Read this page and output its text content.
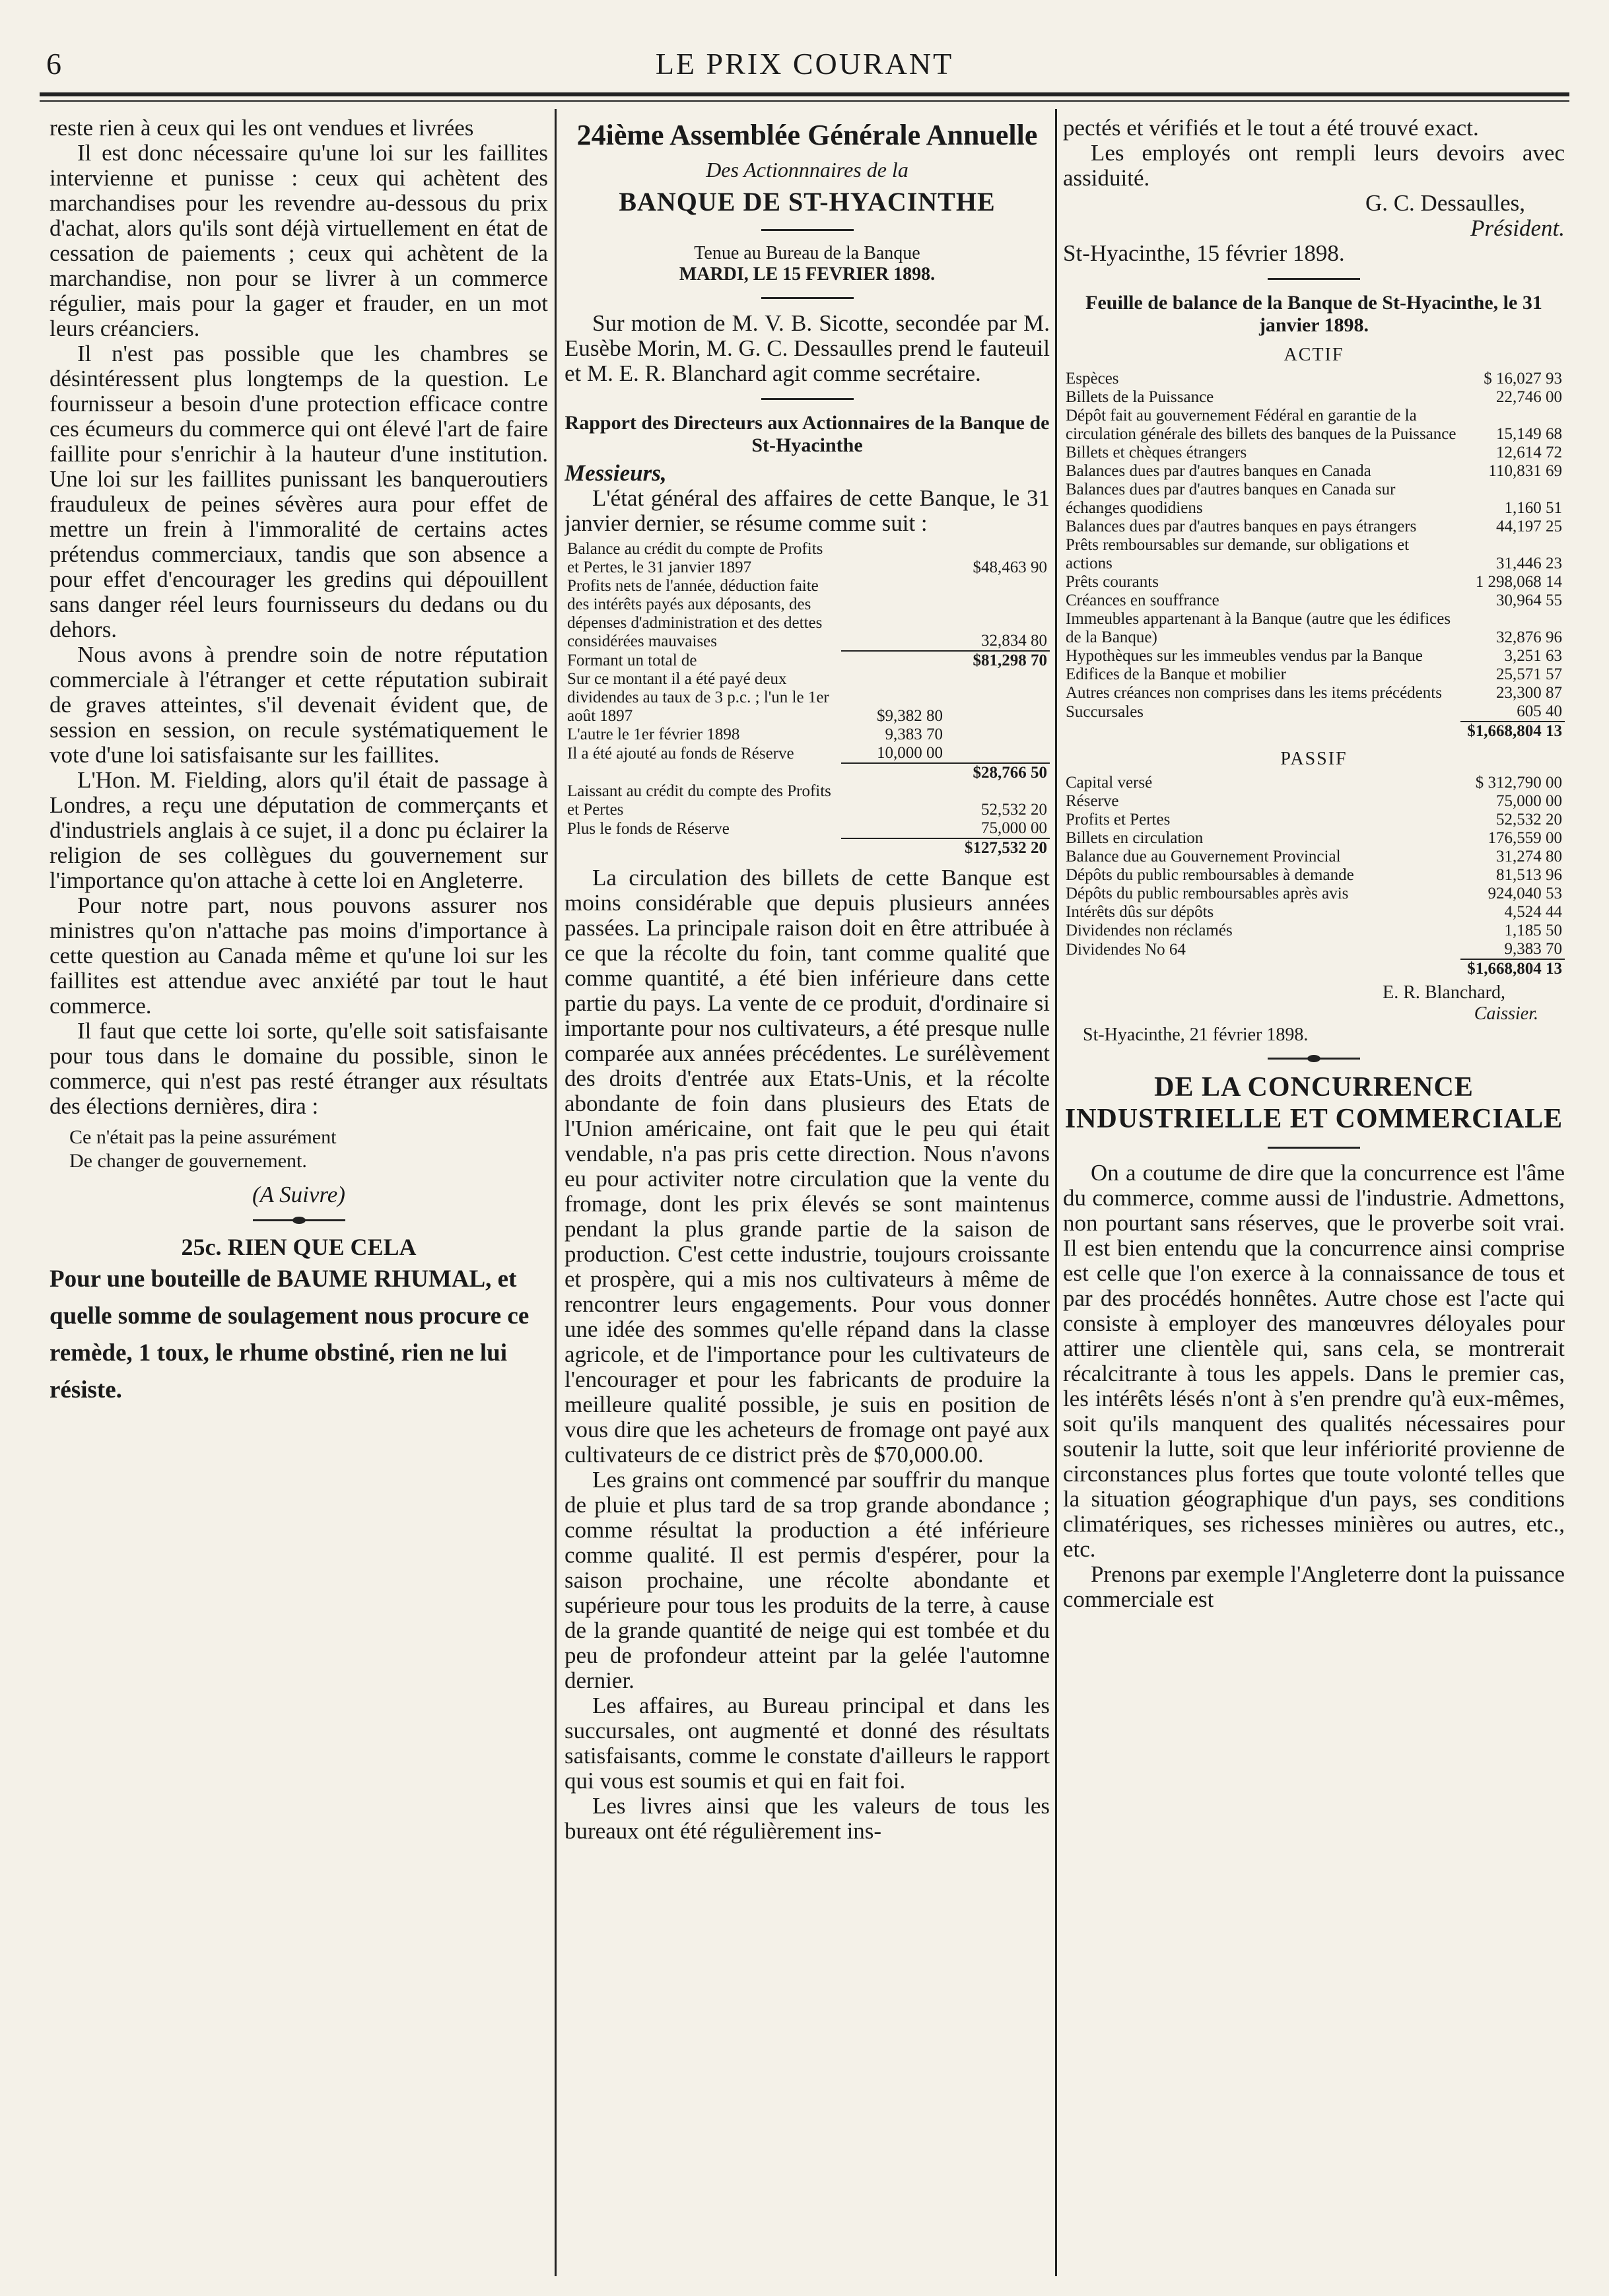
6	LE PRIX COURANT

reste rien à ceux qui les ont vendues et livrées

Il est donc nécessaire qu'une loi sur les faillites intervienne et punisse : ceux qui achètent des marchandises pour les revendre au-dessous du prix d'achat, alors qu'ils sont déjà virtuellement en état de cessation de paiements ; ceux qui achètent de la marchandise, non pour se livrer à un commerce régulier, mais pour la gager et frauder, en un mot leurs créanciers.

Il n'est pas possible que les chambres se désintéressent plus longtemps de la question. Le fournisseur a besoin d'une protection efficace contre ces écumeurs du commerce qui ont élevé l'art de faire faillite pour s'enrichir à la hauteur d'une institution. Une loi sur les faillites punissant les banqueroutiers frauduleux de peines sévères aura pour effet de mettre un frein à l'immoralité de certains actes prétendus commerciaux, tandis que son absence a pour effet d'encourager les gredins qui dépouillent sans danger réel leurs fournisseurs du dedans ou du dehors.

Nous avons à prendre soin de notre réputation commerciale à l'étranger et cette réputation subirait de graves atteintes, s'il devenait évident que, de session en session, on recule systématiquement le vote d'une loi satisfaisante sur les faillites.

L'Hon. M. Fielding, alors qu'il était de passage à Londres, a reçu une députation de commerçants et d'industriels anglais à ce sujet, il a donc pu éclairer la religion de ses collègues du gouvernement sur l'importance qu'on attache à cette loi en Angleterre.

Pour notre part, nous pouvons assurer nos ministres qu'on n'attache pas moins d'importance à cette question au Canada même et qu'une loi sur les faillites est attendue avec anxiété par tout le haut commerce.

Il faut que cette loi sorte, qu'elle soit satisfaisante pour tous dans le domaine du possible, sinon le commerce, qui n'est pas resté étranger aux résultats des élections dernières, dira :

Ce n'était pas la peine assurément
De changer de gouvernement.

(A Suivre)

25c. RIEN QUE CELA
Pour une bouteille de BAUME RHUMAL, et quelle somme de soulagement nous procure ce remède, 1 toux, le rhume obstiné, rien ne lui résiste.
24ième Assemblée Générale Annuelle
Des Actionnnaires de la
BANQUE DE ST-HYACINTHE

Tenue au Bureau de la Banque

MARDI, LE 15 FEVRIER 1898.

Sur motion de M. V. B. Sicotte, secondée par M. Eusèbe Morin, M. G. C. Dessaulles prend le fauteuil et M. E. R. Blanchard agit comme secrétaire.

Rapport des Directeurs aux Actionnaires de la Banque de St-Hyacinthe

Messieurs,

L'état général des affaires de cette Banque, le 31 janvier dernier, se résume comme suit :

Balance au crédit du compte de Profits et Pertes, le 31 janvier 1897		$48,463 90
Profits nets de l'année, déduction faite des intérêts payés aux déposants, des dépenses d'administration et des dettes considérées mauvaises		32,834 80
Formant un total de		$81,298 70
Sur ce montant il a été payé deux dividendes au taux de 3 p.c. ; l'un le 1er août 1897	$9,382 80	
L'autre le 1er février 1898	9,383 70	
Il a été ajouté au fonds de Réserve	10,000 00	
		$28,766 50
Laissant au crédit du compte des Profits et Pertes		52,532 20
Plus le fonds de Réserve		75,000 00
		$127,532 20

La circulation des billets de cette Banque est moins considérable que depuis plusieurs années passées. La principale raison doit en être attribuée à ce que la récolte du foin, tant comme qualité que comme quantité, a été bien inférieure dans cette partie du pays. La vente de ce produit, d'ordinaire si importante pour nos cultivateurs, a été presque nulle comparée aux années précédentes. Le surélèvement des droits d'entrée aux Etats-Unis, et la récolte abondante de foin dans plusieurs des Etats de l'Union américaine, ont fait que le peu qui était vendable, n'a pas pris cette direction. Nous n'avons eu pour activiter notre circulation que la vente du fromage, dont les prix élevés se sont maintenus pendant la plus grande partie de la saison de production. C'est cette industrie, toujours croissante et prospère, qui a mis nos cultivateurs à même de rencontrer leurs engagements. Pour vous donner une idée des sommes qu'elle répand dans la classe agricole, et de l'importance pour les cultivateurs de l'encourager et pour les fabricants de produire la meilleure qualité possible, je suis en position de vous dire que les acheteurs de fromage ont payé aux cultivateurs de ce district près de $70,000.00.

Les grains ont commencé par souffrir du manque de pluie et plus tard de sa trop grande abondance ; comme résultat la production a été inférieure comme qualité. Il est permis d'espérer, pour la saison prochaine, une récolte abondante et supérieure pour tous les produits de la terre, à cause de la grande quantité de neige qui est tombée et du peu de profondeur atteint par la gelée l'automne dernier.

Les affaires, au Bureau principal et dans les succursales, ont augmenté et donné des résultats satisfaisants, comme le constate d'ailleurs le rapport qui vous est soumis et qui en fait foi.

Les livres ainsi que les valeurs de tous les bureaux ont été régulièrement ins-

pectés et vérifiés et le tout a été trouvé exact.

Les employés ont rempli leurs devoirs avec assiduité.

G. C. Dessaulles,

Président.

St-Hyacinthe, 15 février 1898.

Feuille de balance de la Banque de St-Hyacinthe, le 31 janvier 1898.
ACTIF
Espèces	$ 16,027 93
Billets de la Puissance	22,746 00
Dépôt fait au gouvernement Fédéral en garantie de la circulation générale des billets des banques de la Puissance	15,149 68
Billets et chèques étrangers	12,614 72
Balances dues par d'autres banques en Canada	110,831 69
Balances dues par d'autres banques en Canada sur échanges quodidiens	1,160 51
Balances dues par d'autres banques en pays étrangers	44,197 25
Prêts remboursables sur demande, sur obligations et actions	31,446 23
Prêts courants	1 298,068 14
Créances en souffrance	30,964 55
Immeubles appartenant à la Banque (autre que les édifices de la Banque)	32,876 96
Hypothèques sur les immeubles vendus par la Banque	3,251 63
Edifices de la Banque et mobilier	25,571 57
Autres créances non comprises dans les items précédents	23,300 87
Succursales	605 40
	$1,668,804 13
PASSIF
Capital versé	$ 312,790 00
Réserve	75,000 00
Profits et Pertes	52,532 20
Billets en circulation	176,559 00
Balance due au Gouvernement Provincial	31,274 80
Dépôts du public remboursables à demande	81,513 96
Dépôts du public remboursables après avis	924,040 53
Intérêts dûs sur dépôts	4,524 44
Dividendes non réclamés	1,185 50
Dividendes No 64	9,383 70
	$1,668,804 13

E. R. Blanchard,

Caissier.

St-Hyacinthe, 21 février 1898.

DE LA CONCURRENCE INDUSTRIELLE ET COMMERCIALE

On a coutume de dire que la concurrence est l'âme du commerce, comme aussi de l'industrie. Admettons, non pourtant sans réserves, que le proverbe soit vrai. Il est bien entendu que la concurrence ainsi comprise est celle que l'on exerce à la connaissance de tous et par des procédés honnêtes. Autre chose est l'acte qui consiste à employer des manœuvres déloyales pour attirer une clientèle qui, sans cela, se montrerait récalcitrante à tous les appels. Dans le premier cas, les intérêts lésés n'ont à s'en prendre qu'à eux-mêmes, soit qu'ils manquent des qualités nécessaires pour soutenir la lutte, soit que leur infériorité provienne de circonstances plus fortes que toute volonté telles que la situation géographique d'un pays, ses conditions climatériques, ses richesses minières ou autres, etc., etc.

Prenons par exemple l'Angleterre dont la puissance commerciale est
